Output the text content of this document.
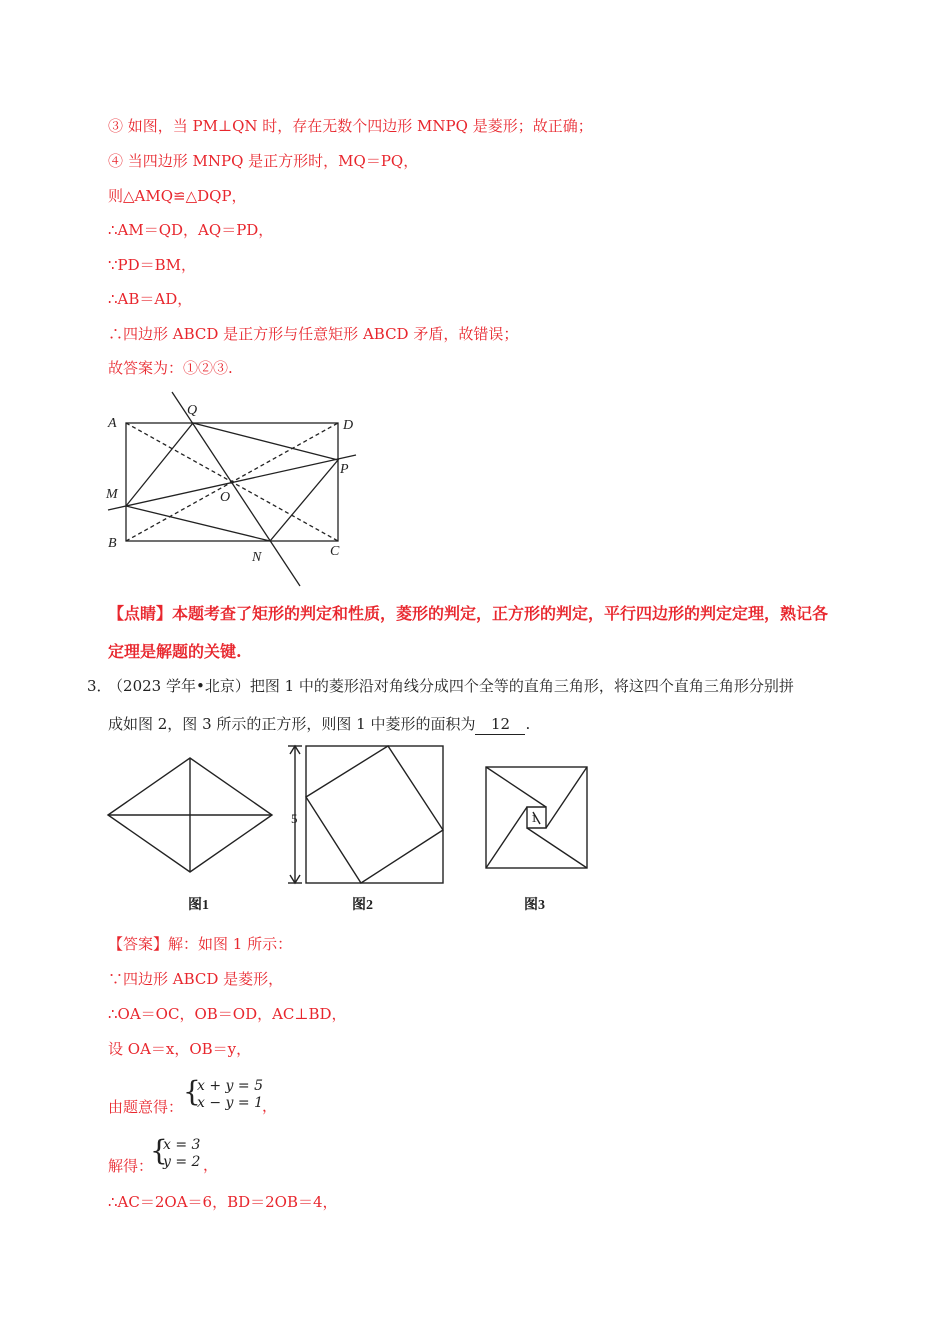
③ 如图，当 PM⊥QN 时，存在无数个四边形 MNPQ 是菱形；故正确；
④ 当四边形 MNPQ 是正方形时，MQ＝PQ，
则△AMQ≌△DQP，
∴AM＝QD，AQ＝PD，
∵PD＝BM，
∴AB＝AD，
∴四边形 ABCD 是正方形与任意矩形 ABCD 矛盾，故错误；
故答案为：①②③.
A
Q
D
P
M	O
B
N	C
【点睛】本题考查了矩形的判定和性质，菱形的判定，正方形的判定，平行四边形的判定定理，熟记各
定理是解题的关键.
3． （2023 学年•北京）把图 1 中的菱形沿对角线分成四个全等的直角三角形，将这四个直角三角形分别拼
成如图 2，图 3 所示的正方形，则图 1 中菱形的面积为 12 .
5	1
图1	图2	图3
【答案】解：如图 1 所示：
∵四边形 ABCD 是菱形，
∴OA＝OC，OB＝OD，AC⊥BD，
设 OA＝x，OB＝y，
由题意得： {
x + y = 5
x − y = 1 ，
解得：
{
x = 3
y = 2 ，
∴AC＝2OA＝6，BD＝2OB＝4，
